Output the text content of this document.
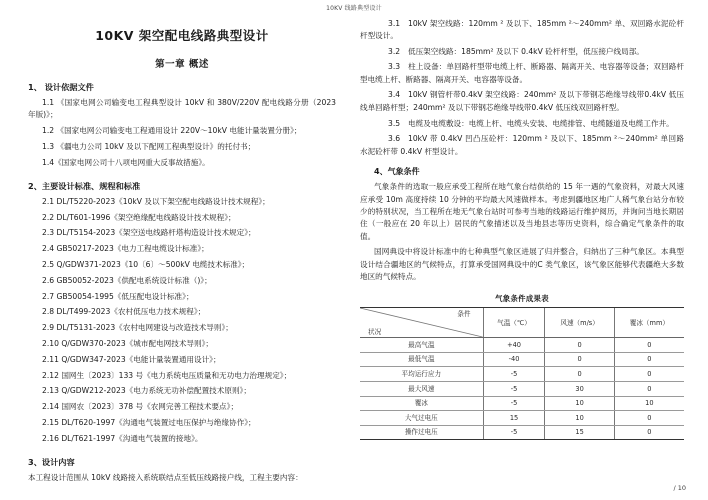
10KV 线路典型设计
10KV 架空配电线路典型设计
第一章 概述
1、 设计依据文件
1.1 《国家电网公司输变电工程典型设计 10kV 和 380V/220V 配电线路分册（2023 年版)》；
1.2 《国家电网公司输变电工程通用设计 220V～10kV 电能计量装置分册》；
1.3 《疆电力公司 10kV 及以下配网工程典型设计》的托付书；
1.4《国家电网公司十八项电网重大反事故措施》。
2、主要设计标准、规程和标准
2.1 DL/T5220-2023《10kV 及以下架空配电线路设计技术规程》；
2.2 DL/T601-1996《架空绝缘配电线路设计技术规程》；
2.3 DL/T5154-2023《架空送电线路杆塔构造设计技术规定》；
2.4 GB50217-2023《电力工程电缆设计标准》；
2.5 Q/GDW371-2023《10〔6〕～500kV 电缆技术标准》；
2.6 GB50052-2023《供配电系统设计标准（)》；
2.7 GB50054-1995《低压配电设计标准》；
2.8 DL/T499-2023《农村低压电力技术规程》；
2.9 DL/T5131-2023《农村电网建设与改造技术导则》；
2.10 Q/GDW370-2023《城市配电网技术导则》；
2.11 Q/GDW347-2023《电能计量装置通用设计》；
2.12 国网生〔2023〕133 号《电力系统电压质量和无功电力治理规定》；
2.13 Q/GDW212-2023《电力系统无功补偿配置技术原则》；
2.14 国网农〔2023〕378 号《农网完善工程技术要点》；
2.15 DL/T620-1997《沟通电气装置过电压保护与绝缘协作》；
2.16 DL/T621-1997《沟通电气装置的接地》。
3、设计内容
本工程设计范围从 10kV 线路接入系统联结点至低压线路接户线，工程主要内容：
3.1 10kV 架空线路：120mm ² 及以下、185mm ²～240mm² 单、双回路水泥砼杆杆型设计。
3.2 低压架空线路：185mm² 及以下 0.4kV 砼杆杆型，低压接户线局部。
3.3 柱上设备：单回路杆型带电缆上杆、断路器、隔离开关、电容器等设备；双回路杆型电缆上杆、断路器、隔离开关、电容器等设备。
3.4 10kV 钢管杆带0.4kV 架空线路：240mm² 及以下带钢芯绝缘导线带0.4kV 低压线单回路杆型；240mm² 及以下带钢芯绝缘导线带0.4kV 低压线双回路杆型。
3.5 电缆及电缆敷设：电缆上杆、电缆头安装、电缆排管、电缆隧道及电缆工作井。
3.6 10kV 带 0.4kV 凹凸压砼杆：120mm ² 及以下、185mm ²～240mm² 单回路水泥砼杆带 0.4kV 杆型设计。
4、气象条件
气象条件的选取一般应承受工程所在地气象台结供给的 15 年一遇的气象资料，对最大风速应承受 10m 高度持续 10 分钟的平均最大风速做样本。考虑到疆地区地广人稀气象台站分布较少的特别状况，当工程所在地无气象台站时可参考当地的线路运行维护阅历，并询问当地长期居住（一般应在 20 年以上）居民的气象描述以及当地县志等历史资料，综合确定气象条件的取值。
国网典设中将设计标准中的七种典型气象区进展了归并整合，归纳出了三种气象区。本典型设计结合疆地区的气候特点，打算承受国网典设中的C 类气象区，该气象区能够代表疆绝大多数地区的气候特点。
气象条件成果表
条件
状况	气温（℃）	风速（m/s）	覆冰（mm）
最高气温	+40	0	0
最低气温	-40	0	0
平均运行应力	-5	0	0
最大风速	-5	30	0
覆冰	-5	10	10
大气过电压	15	10	0
操作过电压	-5	15	0
/ 10
